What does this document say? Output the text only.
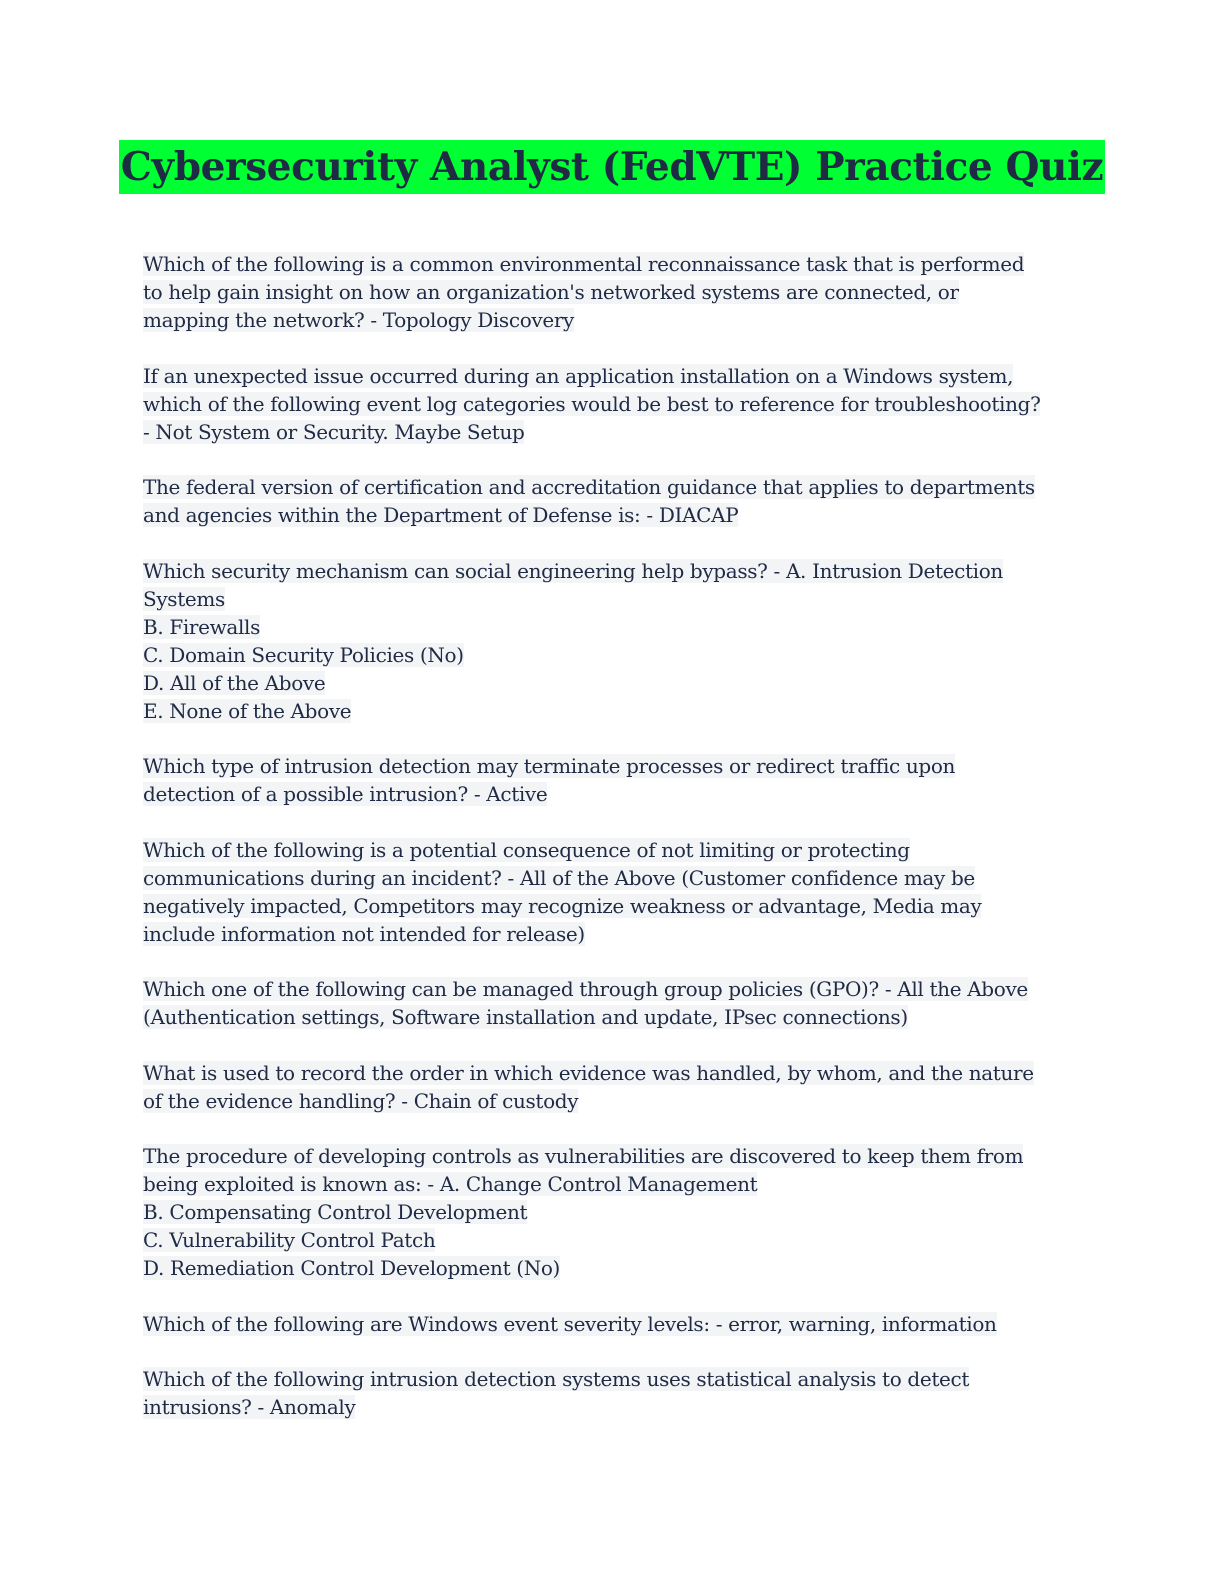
Cybersecurity Analyst (FedVTE) Practice Quiz
Which of the following is a common environmental reconnaissance task that is performed
to help gain insight on how an organization's networked systems are connected, or
mapping the network? - Topology Discovery
If an unexpected issue occurred during an application installation on a Windows system,
which of the following event log categories would be best to reference for troubleshooting?
- Not System or Security. Maybe Setup
The federal version of certification and accreditation guidance that applies to departments
and agencies within the Department of Defense is: - DIACAP
Which security mechanism can social engineering help bypass? - A. Intrusion Detection
Systems
B. Firewalls
C. Domain Security Policies (No)
D. All of the Above
E. None of the Above
Which type of intrusion detection may terminate processes or redirect traffic upon
detection of a possible intrusion? - Active
Which of the following is a potential consequence of not limiting or protecting
communications during an incident? - All of the Above (Customer confidence may be
negatively impacted, Competitors may recognize weakness or advantage, Media may
include information not intended for release)
Which one of the following can be managed through group policies (GPO)? - All the Above
(Authentication settings, Software installation and update, IPsec connections)
What is used to record the order in which evidence was handled, by whom, and the nature
of the evidence handling? - Chain of custody
The procedure of developing controls as vulnerabilities are discovered to keep them from
being exploited is known as: - A. Change Control Management
B. Compensating Control Development
C. Vulnerability Control Patch
D. Remediation Control Development (No)
Which of the following are Windows event severity levels: - error, warning, information
Which of the following intrusion detection systems uses statistical analysis to detect
intrusions? - Anomaly
